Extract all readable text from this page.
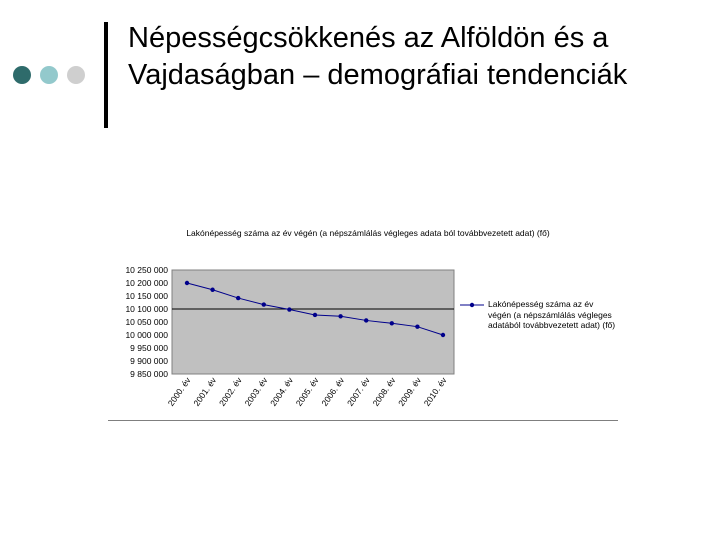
Népességcsökkenés az Alföldön és a Vajdaságban – demográfiai tendenciák
Lakónépesség száma az év végén (a népszámlálás végleges adata ból továbbvezetett adat) (fő)
9 850 000
9 900 000
9 950 000
10 000 000
10 050 000
10 100 000
10 150 000
10 200 000
10 250 000
2000. év
2001. év
2002. év
2003. év
2004. év
2005. év
2006. év
2007. év
2008. év
2009. év
2010. év
Lakónépesség száma az év végén (a népszámlálás végleges adatából továbbvezetett adat) (fő)
